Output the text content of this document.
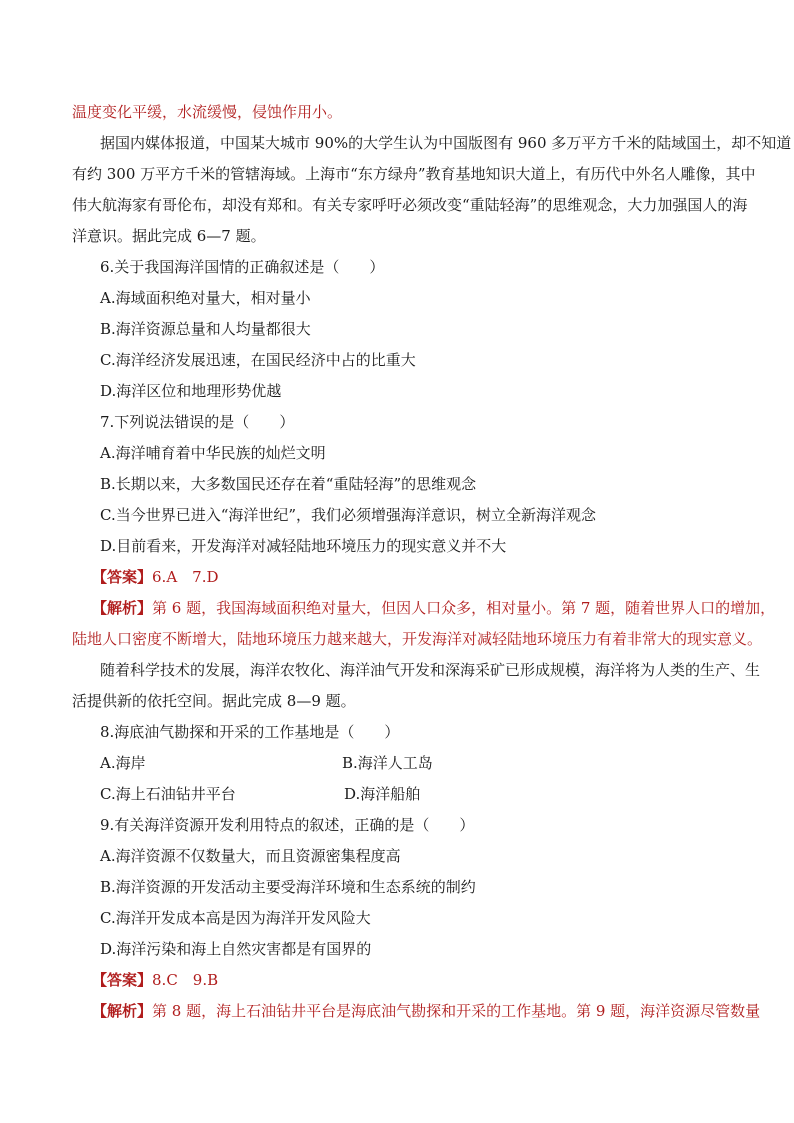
温度变化平缓，水流缓慢，侵蚀作用小。
据国内媒体报道，中国某大城市 90%的大学生认为中国版图有 960 多万平方千米的陆域国土，却不知道
有约 300 万平方千米的管辖海域。上海市“东方绿舟”教育基地知识大道上，有历代中外名人雕像，其中
伟大航海家有哥伦布，却没有郑和。有关专家呼吁必须改变“重陆轻海”的思维观念，大力加强国人的海
洋意识。据此完成 6—7 题。
6.关于我国海洋国情的正确叙述是（　　）
A.海域面积绝对量大，相对量小
B.海洋资源总量和人均量都很大
C.海洋经济发展迅速，在国民经济中占的比重大
D.海洋区位和地理形势优越
7.下列说法错误的是（　　）
A.海洋哺育着中华民族的灿烂文明
B.长期以来，大多数国民还存在着“重陆轻海”的思维观念
C.当今世界已进入“海洋世纪”，我们必须增强海洋意识，树立全新海洋观念
D.目前看来，开发海洋对减轻陆地环境压力的现实意义并不大
【答案】6.A　7.D
【解析】第 6 题，我国海域面积绝对量大，但因人口众多，相对量小。第 7 题，随着世界人口的增加，
陆地人口密度不断增大，陆地环境压力越来越大，开发海洋对减轻陆地环境压力有着非常大的现实意义。
随着科学技术的发展，海洋农牧化、海洋油气开发和深海采矿已形成规模，海洋将为人类的生产、生
活提供新的依托空间。据此完成 8—9 题。
8.海底油气勘探和开采的工作基地是（　　）
A.海岸	B.海洋人工岛
C.海上石油钻井平台	D.海洋船舶
9.有关海洋资源开发利用特点的叙述，正确的是（　　）
A.海洋资源不仅数量大，而且资源密集程度高
B.海洋资源的开发活动主要受海洋环境和生态系统的制约
C.海洋开发成本高是因为海洋开发风险大
D.海洋污染和海上自然灾害都是有国界的
【答案】8.C　9.B
【解析】第 8 题，海上石油钻井平台是海底油气勘探和开采的工作基地。第 9 题，海洋资源尽管数量
